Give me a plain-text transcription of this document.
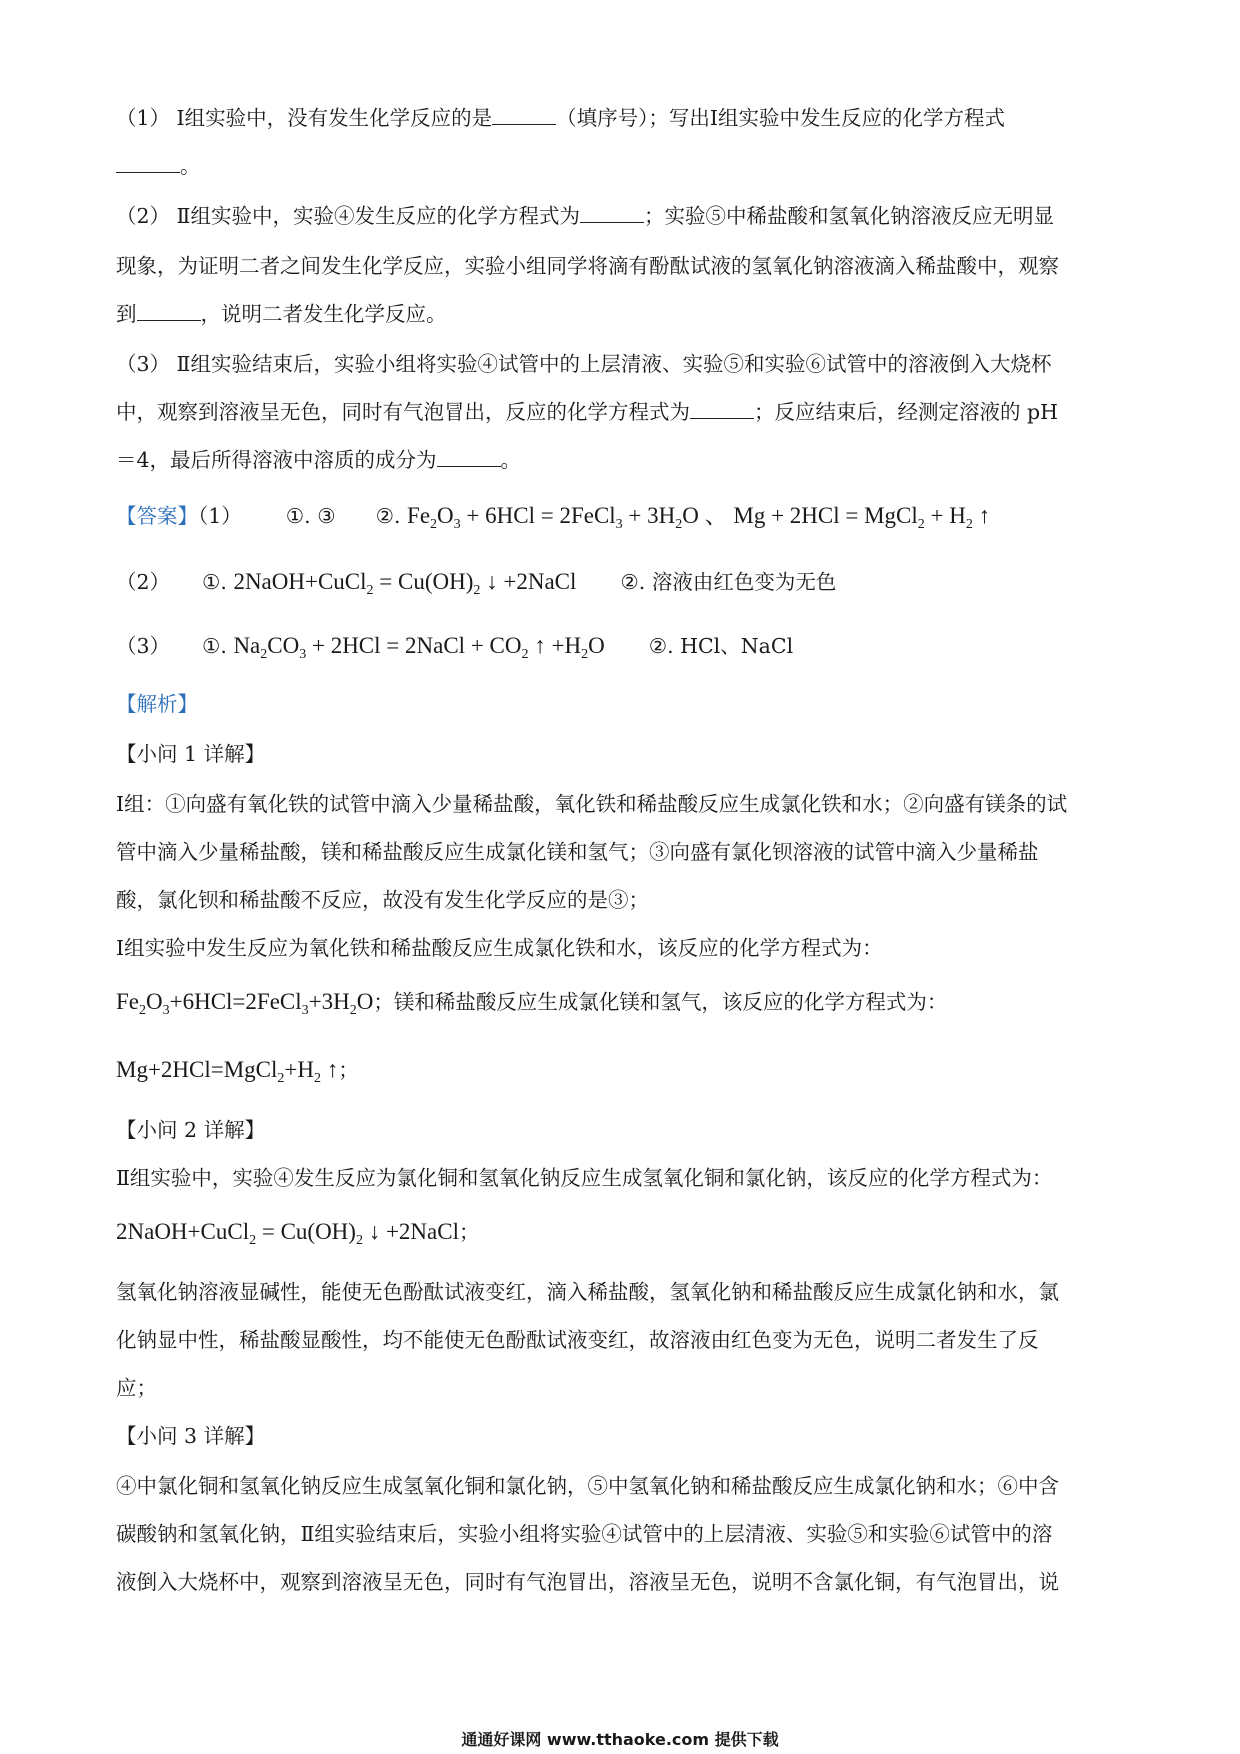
（1） Ⅰ组实验中，没有发生化学反应的是	（填序号）；写出Ⅰ组实验中发生反应的化学方程式
。
（2） Ⅱ组实验中，实验④发生反应的化学方程式为	；实验⑤中稀盐酸和氢氧化钠溶液反应无明显
现象，为证明二者之间发生化学反应，实验小组同学将滴有酚酞试液的氢氧化钠溶液滴入稀盐酸中，观察
到	，说明二者发生化学反应。
（3） Ⅱ组实验结束后，实验小组将实验④试管中的上层清液、实验⑤和实验⑥试管中的溶液倒入大烧杯
中，观察到溶液呈无色，同时有气泡冒出，反应的化学方程式为	；反应结束后，经测定溶液的 pH
＝4，最后所得溶液中溶质的成分为	。
【答案】（1） ①. ③ ②. $Fe_2O_3 + 6HCl$ = 2FeCl$_3$ + $3H_2O$ 、 Mg + 2HCl = MgCl$_2$ + $H_2$ ↑
（2） ①. 2NaOH+CuCl$_2$ = $Cu(OH)_2$ ↓ +2NaCl ②. 溶液由红色变为无色
（3） ①. $Na_2CO_3 + 2HCl$ = 2NaCl + $CO_2$ ↑ $+H_2O$ ②. HCl、NaCl
【解析】
【小问 1 详解】
Ⅰ组：①向盛有氧化铁的试管中滴入少量稀盐酸，氧化铁和稀盐酸反应生成氯化铁和水；②向盛有镁条的试
管中滴入少量稀盐酸，镁和稀盐酸反应生成氯化镁和氢气；③向盛有氯化钡溶液的试管中滴入少量稀盐
酸，氯化钡和稀盐酸不反应，故没有发生化学反应的是③；
Ⅰ组实验中发生反应为氧化铁和稀盐酸反应生成氯化铁和水，该反应的化学方程式为：
$Fe_2O_3+6HCl=2FeCl_3+3H_2O$；镁和稀盐酸反应生成氯化镁和氢气，该反应的化学方程式为：
$Mg+2HCl=MgCl_2+H_2$ ↑；
【小问 2 详解】
Ⅱ组实验中，实验④发生反应为氯化铜和氢氧化钠反应生成氢氧化铜和氯化钠，该反应的化学方程式为：
2NaOH+CuCl$_2$ = $Cu(OH)_2$ ↓ +2NaCl；
氢氧化钠溶液显碱性，能使无色酚酞试液变红，滴入稀盐酸，氢氧化钠和稀盐酸反应生成氯化钠和水，氯
化钠显中性，稀盐酸显酸性，均不能使无色酚酞试液变红，故溶液由红色变为无色，说明二者发生了反
应；
【小问 3 详解】
④中氯化铜和氢氧化钠反应生成氢氧化铜和氯化钠，⑤中氢氧化钠和稀盐酸反应生成氯化钠和水；⑥中含
碳酸钠和氢氧化钠，Ⅱ组实验结束后，实验小组将实验④试管中的上层清液、实验⑤和实验⑥试管中的溶
液倒入大烧杯中，观察到溶液呈无色，同时有气泡冒出，溶液呈无色，说明不含氯化铜，有气泡冒出，说
通通好课网 www.tthaoke.com 提供下载
